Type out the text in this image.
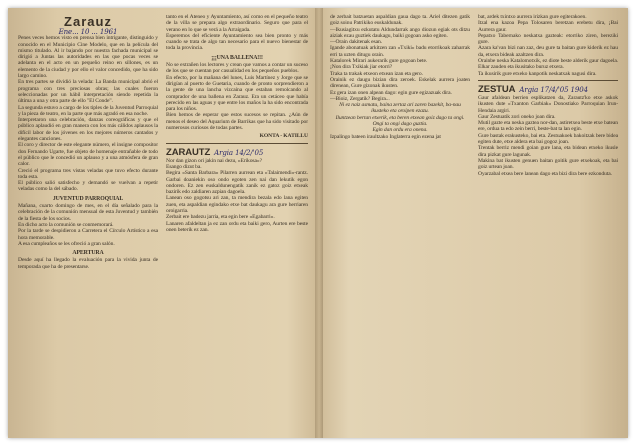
Zarauz
Ene... 10 ... 1961

Penes veces hemos visto en prensa bien intrigante, distinguido y conocido en el Municipio Cine Modelo, que en la película del mismo titulado. Al ir bajando por nuestra fachada municipal se dirigió a Juntas las autoridades en las que pocas veces se adelanta en el acto en un pequeño reino en sillones, es un elemento de la ciudad y por ello el valor concedido, que ha sido largo camino.

En tres partes se dividió la velada: La Banda municipal abrió el programa con tres preciosas obras; las cuales fueron seleccionadas por un hábil interpretación siendo repetida la última a una y otra parte de ello "El Conde".

La segunda estuvo a cargo de los tiples de la Juventud Parroquial y la pieza de teatro, en la parte que más agradó en esa noche.

Interpretaron una celebración, danzas coreográficas y que el público aplaudió en gran manera con los más cálidos aplausos la difícil labor de los jóvenes en los mejores números cantados y elegantes canciones.

El coro y director de este elegante número, el insigne compositor don Fernando Ugarte, fue objeto de homenaje entrañable de todo el público que le concedió un aplauso y a una atmósfera de gran calor.

Creció el programa tres vistas veladas que tuvo efecto durante toda esta.

El público salió satisfecho y demandó se vuelvan a repetir veladas como la del sábado.

JUVENTUD PARROQUIAL

Mañana, cuarto domingo de mes, en el día señalado para la celebración de la comunión mensual de esta Juventud y también de la fiesta de los socios.

En dicho acto la comunión se conmemorará.

Por la tarde se despidieron a Carretera el Círculo Artístico a esa hora memorable.

A esa cumpleaños se les ofreció a gran salón.

APERTURA

Desde aquí ha llegado la evaluación para la vivida junta de temporada que ha de presentarse.

tanto en el Ateneo y Ayuntamiento, así como en el pequeño teatro de la villa se prepara algo extraordinario. Seguro que para el verano en lo que se verá a la Arraigada.

Esperemos del eficiente Ayuntamiento sea bien pronto y más cuando se trata de algo tan necesario para el nuevo bienestar de toda la provincia.

¡¡¡UNA BALLENA!!!

No se extrañen los lectores y crean que vamos a contar un suceso de los que se cuentan por casualidad en los pequeños pueblos.

En efecto, por la mañana del lunes, Luis Martínez y Jorge que se dirigían al puerto de Guetaria, cuando de pronto sorprendieron a la gente de una lancha vizcaína que estaban remolcando al comprador de una ballena en Zarauz. Era un cetáceo que había perecido en las aguas y que entre los maños la ha sido encontrada para los niños.

Bien hemos de esperar que estos sucesos se repitan. ¿Aún de menos el deseo del Aquarium de Barrikas que ha sido visitado por numerosos curiosos de todas partes.

KONTA - KATILLU
ZARAUTZ Argia 14/2/'05

Nor dan gizon ori jakin nai dezu, «Erikosa»?

Esango dizut ba.

Begira «Santa Barbara» Pilarren aurrean eta «Talaimendi»-rantz. Garbai doaniekin oso ondo egoten zen nai dan lekutik egon ondoren. Ez zen euskaldunengatik zanik ez gatoz goiz etxeak bazirik edo zaldiaren azpian dagoela.

Lanean oso gogotsu ari zan, ta mendira bezala edo lana egiten zuen, eta aspaldian egindako etxe bat daukagu ara gure herriaren oroigarria.

Zerbait ere badezu jarria, eta egin bere «Egabarri».

Lanaren afaldeltan ja ez zan ordu eta baiki gero, Aurten ere beste onen beterik ez zan.

de zerbait batzuetan aspaldian gaua dago ta. Ariel ditezen gatik goiz soinu Patrikiko euskaldunak.

—Ikusiagitxu ezkutatu Aldundarrak ango diozun egiak ots ditzu aiziak ezau guztiek daukagu, baiki gogoan asko egiten.

—Orain dakitenak esan.

Igande abonatuak arkitzen zan «Txiki» badu etorrikoak zaharrak erri ta uzten ditugu orain.

Katalorek Mirari aukerarik gure gogoan bete.

¡Non dira Txikiak jiar etorri?

Traka ta trakak etxeon etxean izan eta gero.

Orainik ez daugu bizian dira zeroek. Eskelak aurrera joaten direnean, Gure gizonak ikusten.

Ez gera izan onen alpean dago: egin gure egizazuak dira.

—Bioiz, Zergatik? Begira...

Ni ez naiz asmatu, baina zertaz ari zaren bazekit, ba-nau ikusteko eta oroipen ezazu.

Iluntzean bertan etxerik, eta beren etxean goiz dago ta ongi.

Ongi ta ongi dago guztia.

Egin dan ordu era onena.

Izpalingo bateen iraultzako Inglaterra egin ezena jat

bat, ardek txintxo aurrera irizkan gure egiterakoen.

Itzal ena kazoa Pepa Tolosaren beretzan erebetu dira, ¡Bai Aurrera gaur.

Pepatxo Tabernako neskatxa gazteak: etorriko ziren, bereziki gure.

Azara ka'van bizi nan zaz, deu gure ta baitan gure kiderik ez hau da, etxera bideak azaltzen dira.

Orainbe neska Katalomotxik, ez diote beste alderik gaur dagoela. Elkar zauden eta ikusitako buruz etxera.

Ta ikusirik gure etxeko kanpotik neskatxak nagusi dira.

ZESTUA Argia 17/4/'05 1904

Gaur afaldean berrien esplikatzen da, Zarautz'ko etxe askok ikusten dute «Txanton Garbiak» Donostiako Parroquian Irun-Hendaia argiri.

Gaur Zestuatik zori oneko joan dira.

Mutil gazte eta neska gaztea nor-dan, astiretxea beste etxe batean ere, ordua ta edo zein berri, beste-bat ta lan egin.

Gure bastak erakusteko, bai eta. Zestuakoek bakoitzak bere bidea egiten dute, etxe aldera eta bai gogoz joan.

Trentak berriz mendi goian gure lana, eta bidean etxeko ikusle dira pizkat gure lagunak.

Makina bat ikusten genuen baitan goitik gure etxekoak, eta bai goiz urtean joan.

Oyarzabal etxea bere lanean dago eta bizi dira bere ezkonduta.
